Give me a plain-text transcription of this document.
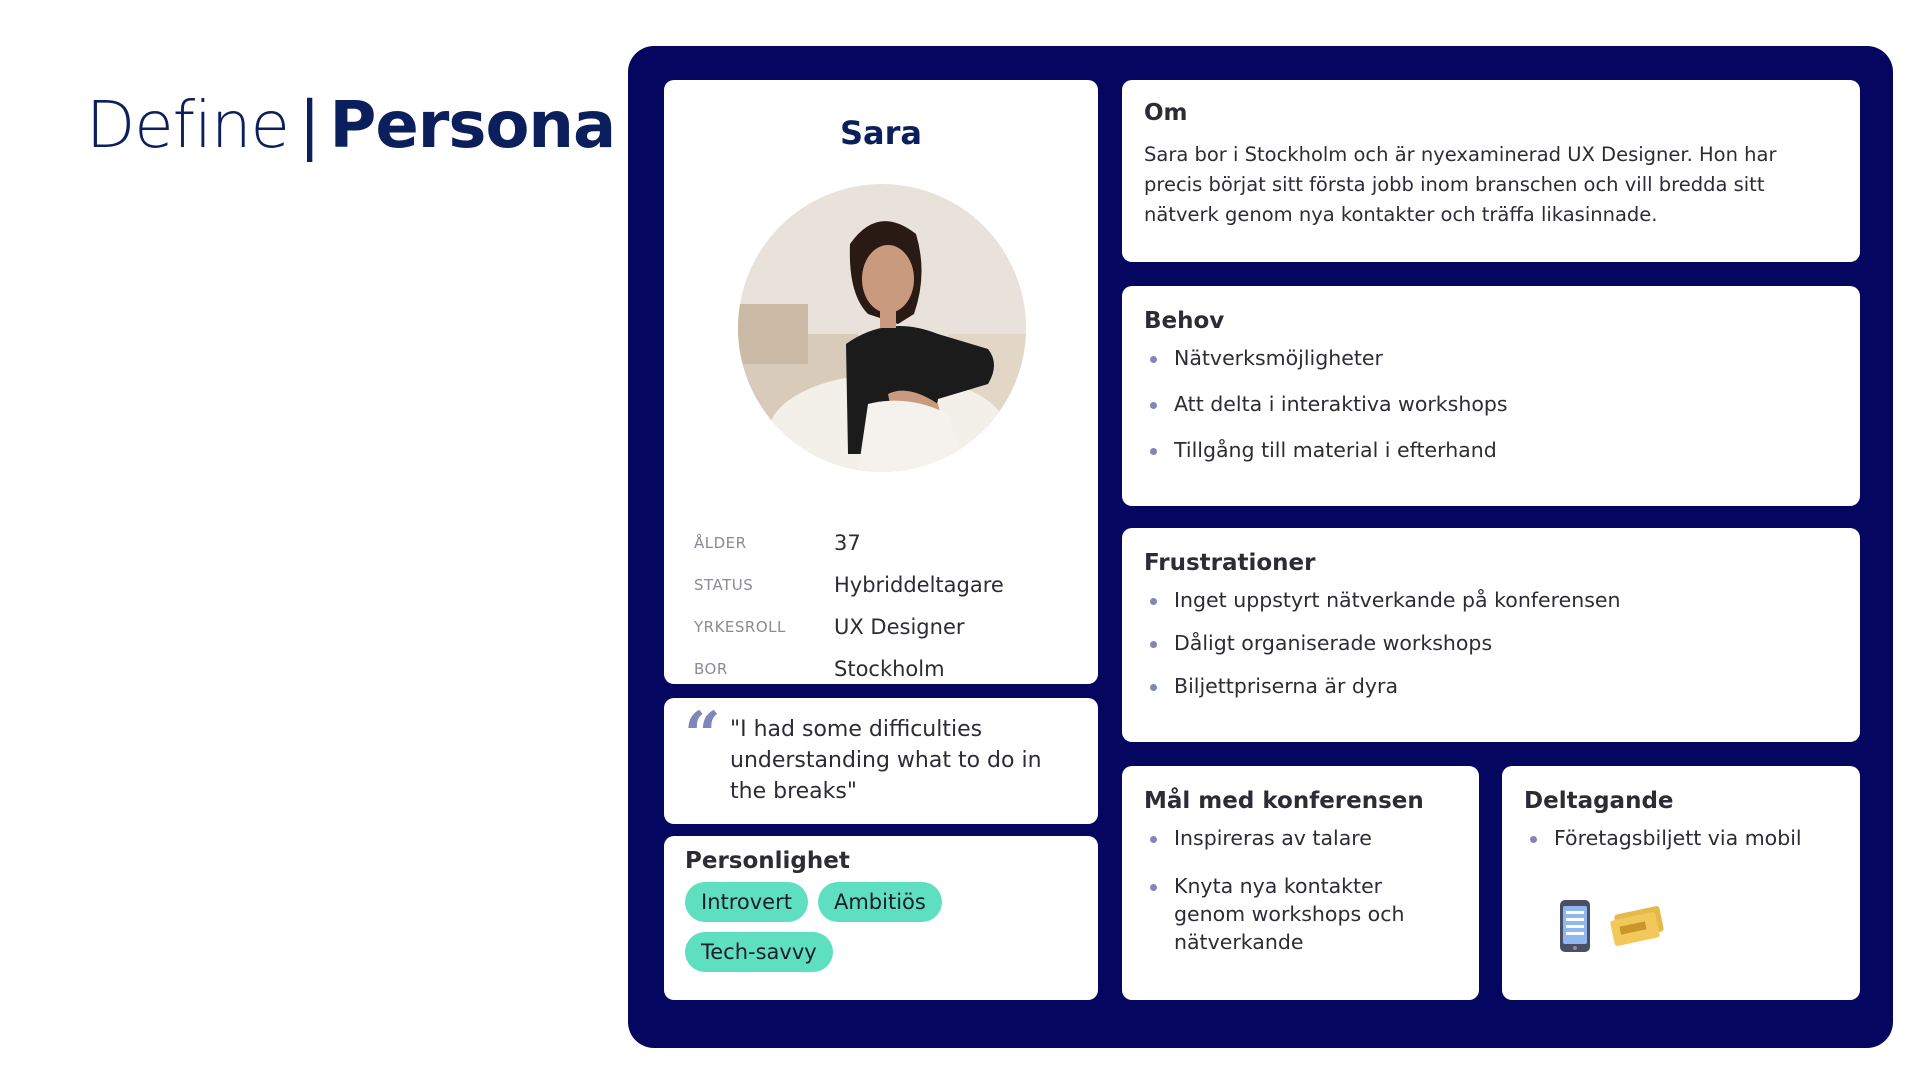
Define | Persona	Sara
ÅLDER	37
STATUS	Hybriddeltagare
YRKESROLL	UX Designer
BOR	Stockholm
“ "I had some difficulties understanding what to do in the breaks"
Personlighet
Introvert	Ambitiös
Tech-savvy
Om

Sara bor i Stockholm och är nyexaminerad UX Designer. Hon har precis börjat sitt första jobb inom branschen och vill bredda sitt nätverk genom nya kontakter och träffa likasinnade.

Behov
Nätverksmöjligheter
Att delta i interaktiva workshops
Tillgång till material i efterhand
Frustrationer
Inget uppstyrt nätverkande på konferensen
Dåligt organiserade workshops
Biljettpriserna är dyra
Mål med konferensen
Inspireras av talare
Knyta nya kontakter genom workshops och nätverkande
Deltagande
Företagsbiljett via mobil
